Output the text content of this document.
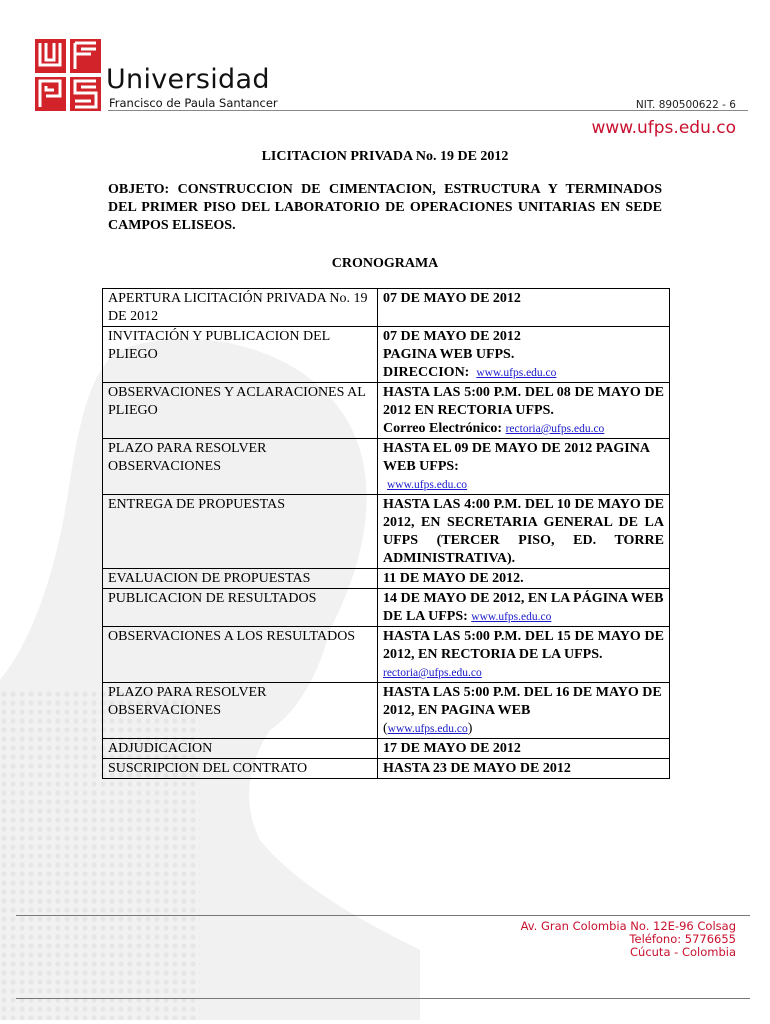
Universidad
Francisco de Paula Santancer	NIT. 890500622 - 6
www.ufps.edu.co
LICITACION PRIVADA No. 19 DE 2012
OBJETO: CONSTRUCCION DE CIMENTACION, ESTRUCTURA Y TERMINADOS DEL PRIMER PISO DEL LABORATORIO DE OPERACIONES UNITARIAS EN SEDE CAMPOS ELISEOS.
CRONOGRAMA
APERTURA LICITACIÓN PRIVADA No. 19 DE 2012	07 DE MAYO DE 2012
INVITACIÓN Y PUBLICACION DEL PLIEGO	07 DE MAYO DE 2012
PAGINA WEB UFPS.
DIRECCION: www.ufps.edu.co

OBSERVACIONES Y ACLARACIONES AL PLIEGO	HASTA LAS 5:00 P.M. DEL 08 DE MAYO DE 2012 EN RECTORIA UFPS.
Correo Electrónico: rectoria@ufps.edu.co

PLAZO PARA RESOLVER OBSERVACIONES	HASTA EL 09 DE MAYO DE 2012 PAGINA WEB UFPS:
www.ufps.edu.co

ENTREGA DE PROPUESTAS	HASTA LAS 4:00 P.M. DEL 10 DE MAYO DE 2012, EN SECRETARIA GENERAL DE LA UFPS (TERCER PISO, ED. TORRE ADMINISTRATIVA).

EVALUACION DE PROPUESTAS	11 DE MAYO DE 2012.
PUBLICACION DE RESULTADOS	14 DE MAYO DE 2012, EN LA PÁGINA WEB DE LA UFPS: www.ufps.edu.co
OBSERVACIONES A LOS RESULTADOS	HASTA LAS 5:00 P.M. DEL 15 DE MAYO DE 2012, EN RECTORIA DE LA UFPS.
rectoria@ufps.edu.co

PLAZO PARA RESOLVER OBSERVACIONES	HASTA LAS 5:00 P.M. DEL 16 DE MAYO DE 2012, EN PAGINA WEB
(www.ufps.edu.co)

ADJUDICACION	17 DE MAYO DE 2012
SUSCRIPCION DEL CONTRATO	HASTA 23 DE MAYO DE 2012
Av. Gran Colombia No. 12E-96 Colsag
Teléfono: 5776655
Cúcuta - Colombia
